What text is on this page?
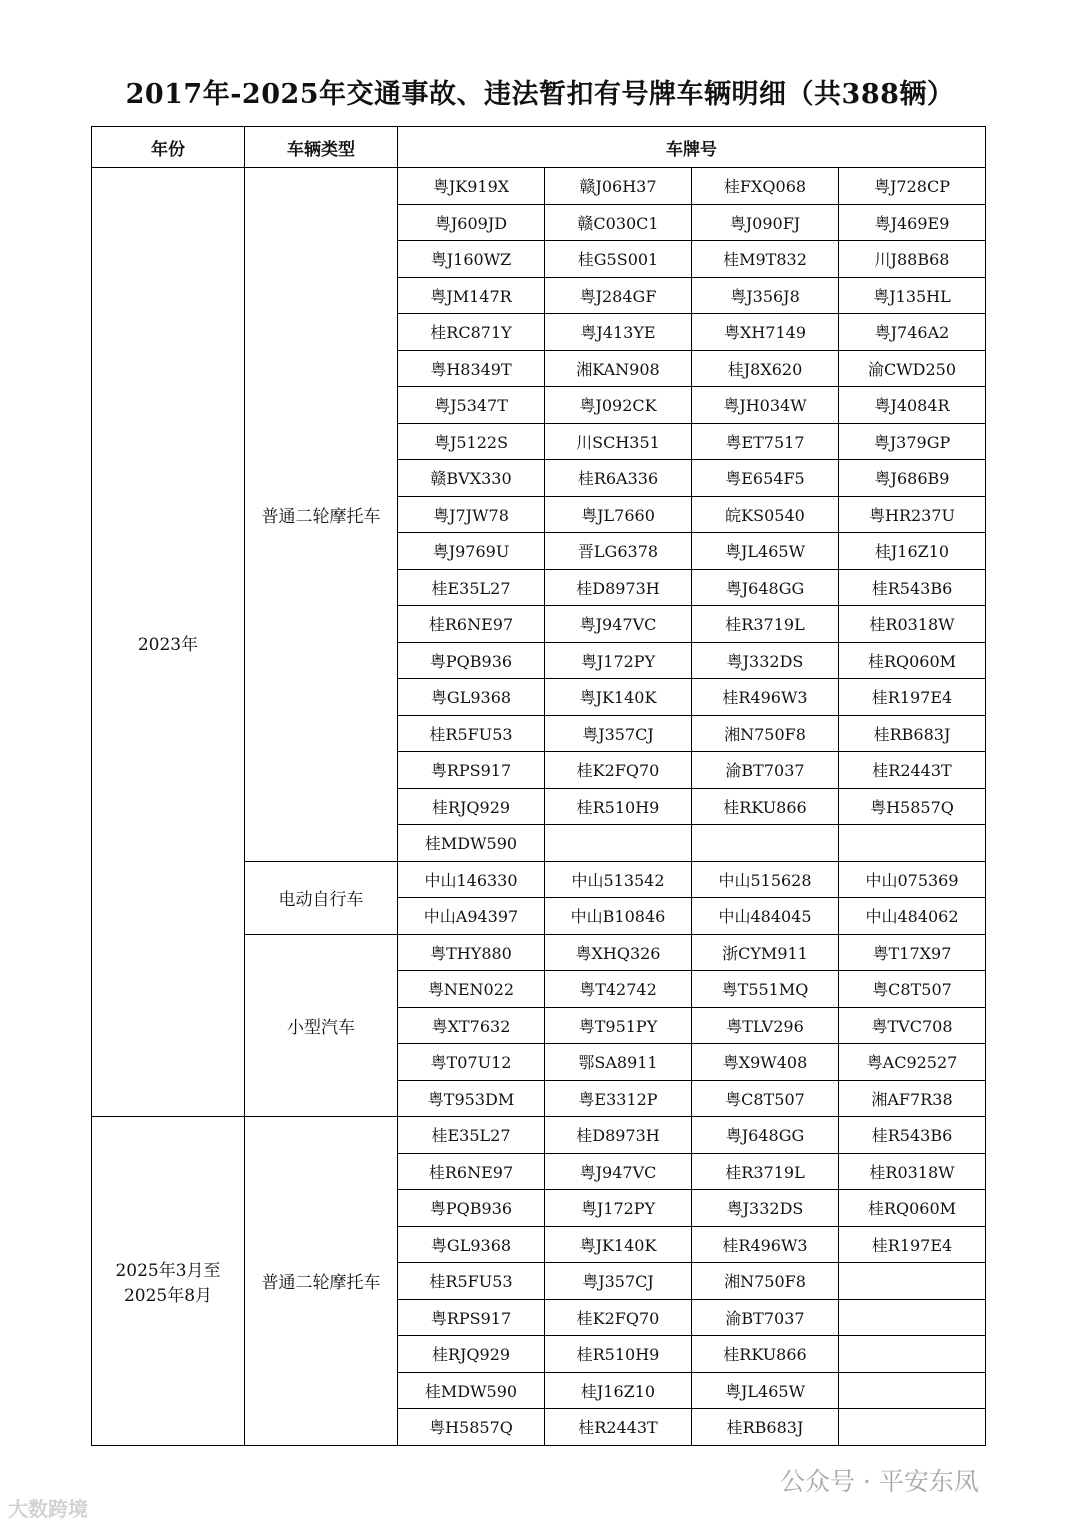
2017年-2025年交通事故、违法暂扣有号牌车辆明细（共388辆）
年份	车辆类型	车牌号			

2023年	普通二轮摩托车	粤JK919X	赣J06H37	桂FXQ068	粤J728CP
		粤J609JD	赣C030C1	粤J090FJ	粤J469E9
		粤J160WZ	桂G5S001	桂M9T832	川J88B68
		粤JM147R	粤J284GF	粤J356J8	粤J135HL
		桂RC871Y	粤J413YE	粤XH7149	粤J746A2
		粤H8349T	湘KAN908	桂J8X620	渝CWD250
		粤J5347T	粤J092CK	粤JH034W	粤J4084R
		粤J5122S	川SCH351	粤ET7517	粤J379GP
		赣BVX330	桂R6A336	粤E654F5	粤J686B9
		粤J7JW78	粤JL7660	皖KS0540	粤HR237U
		粤J9769U	晋LG6378	粤JL465W	桂J16Z10
		桂E35L27	桂D8973H	粤J648GG	桂R543B6
		桂R6NE97	粤J947VC	桂R3719L	桂R0318W
		粤PQB936	粤J172PY	粤J332DS	桂RQ060M
		粤GL9368	粤JK140K	桂R496W3	桂R197E4
		桂R5FU53	粤J357CJ	湘N750F8	桂RB683J
		粤RPS917	桂K2FQ70	渝BT7037	桂R2443T
		桂RJQ929	桂R510H9	桂RKU866	粤H5857Q
		桂MDW590			
	电动自行车	中山146330	中山513542	中山515628	中山075369
		中山A94397	中山B10846	中山484045	中山484062
	小型汽车	粤THY880	粤XHQ326	浙CYM911	粤T17X97
		粤NEN022	粤T42742	粤T551MQ	粤C8T507
		粤XT7632	粤T951PY	粤TLV296	粤TVC708
		粤T07U12	鄂SA8911	粤X9W408	粤AC92527
		粤T953DM	粤E3312P	粤C8T507	湘AF7R38

2025年3月至
2025年8月	普通二轮摩托车	桂E35L27	桂D8973H	粤J648GG	桂R543B6
		桂R6NE97	粤J947VC	桂R3719L	桂R0318W
		粤PQB936	粤J172PY	粤J332DS	桂RQ060M
		粤GL9368	粤JK140K	桂R496W3	桂R197E4
		桂R5FU53	粤J357CJ	湘N750F8	
		粤RPS917	桂K2FQ70	渝BT7037	
		桂RJQ929	桂R510H9	桂RKU866	
		桂MDW590	桂J16Z10	粤JL465W	
		粤H5857Q	桂R2443T	桂RB683J	
大数跨境
公众号 · 平安东凤
